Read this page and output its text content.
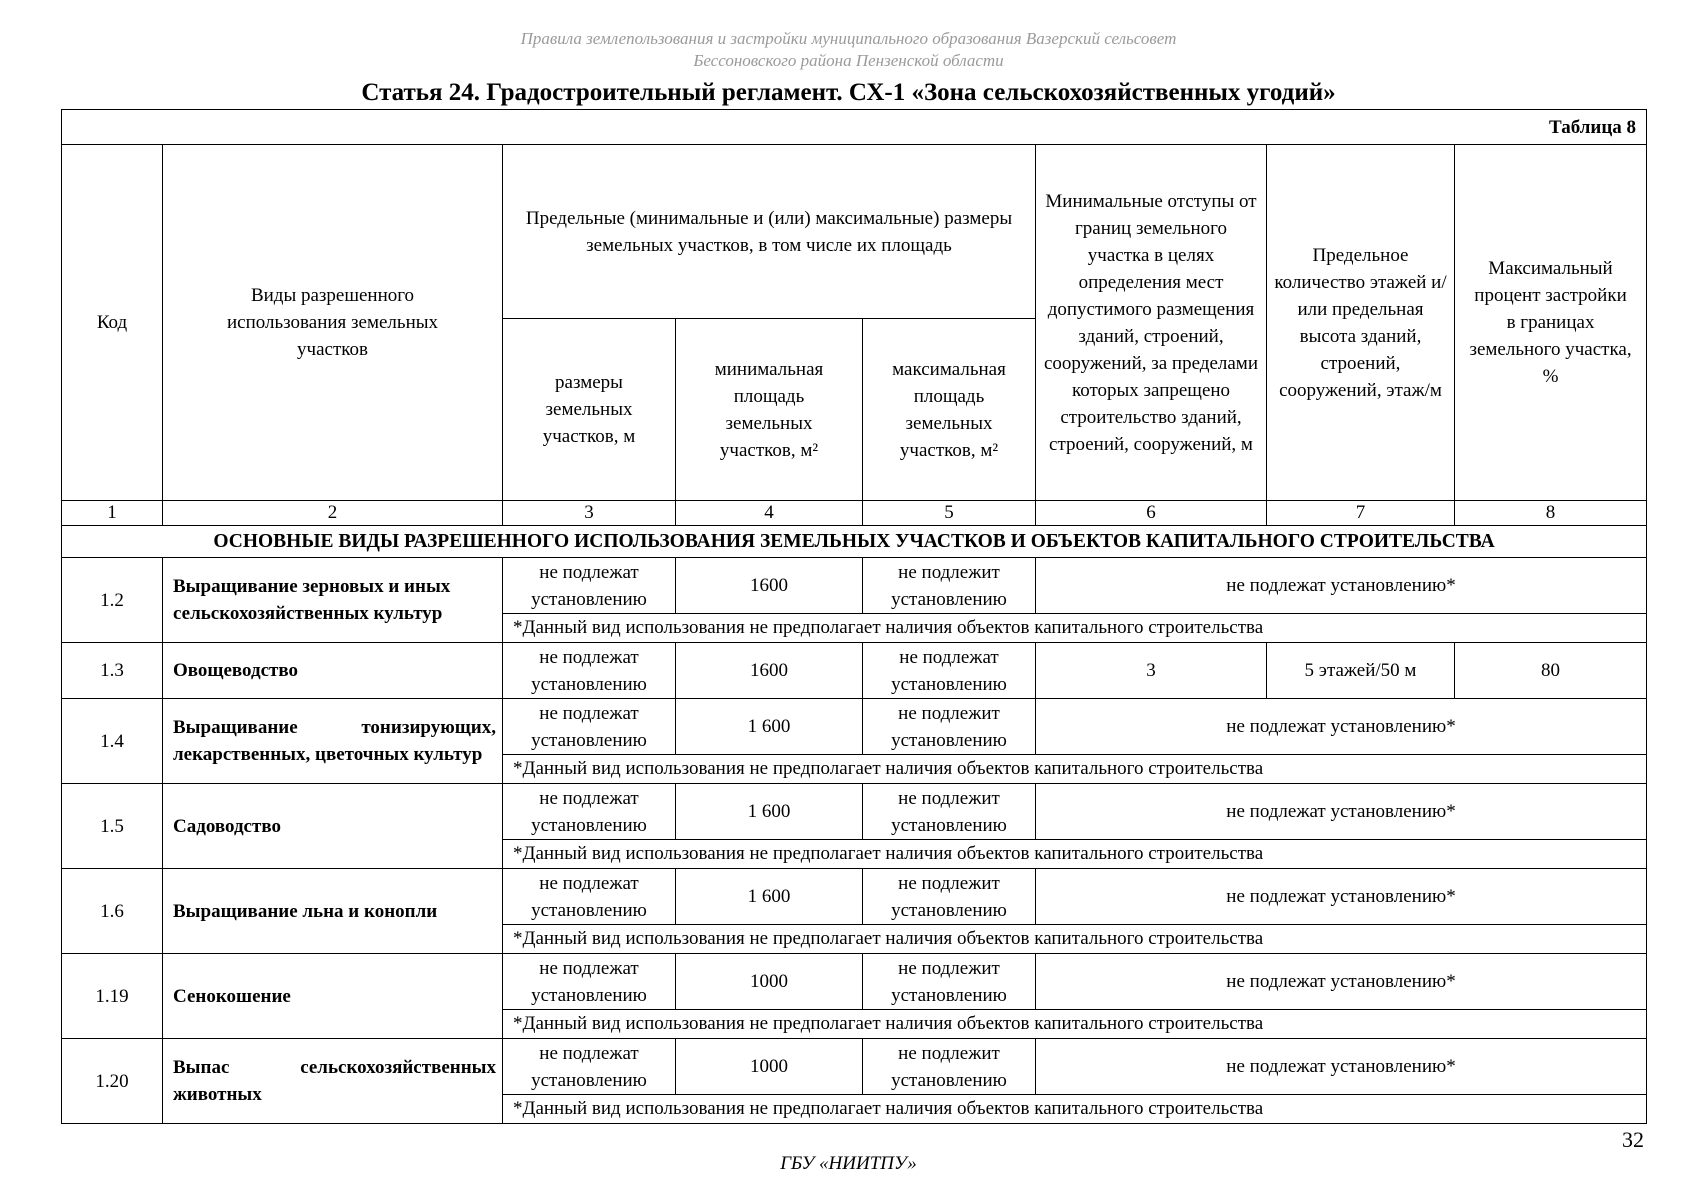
Правила землепользования и застройки муниципального образования Вазерский сельсовет
Бессоновского района Пензенской области
Статья 24. Градостроительный регламент. СХ-1 «Зона сельскохозяйственных угодий»
Таблица 8							
Код	Виды разрешенного использования земельных участков	Предельные (минимальные и (или) максимальные) размеры земельных участков, в том числе их площадь			Минимальные отступы от границ земельного участка в целях определения мест допустимого размещения зданий, строений, сооружений, за пределами которых запрещено строительство зданий, строений, сооружений, м	Предельное количество этажей и/или предельная высота зданий, строений, сооружений, этаж/м	Максимальный процент застройки в границах земельного участка, %
		размеры земельных участков, м	минимальная площадь земельных участков, м²	максимальная площадь земельных участков, м²			
1	2	3	4	5	6	7	8
ОСНОВНЫЕ ВИДЫ РАЗРЕШЕННОГО ИСПОЛЬЗОВАНИЯ ЗЕМЕЛЬНЫХ УЧАСТКОВ И ОБЪЕКТОВ КАПИТАЛЬНОГО СТРОИТЕЛЬСТВА							
1.2	Выращивание зерновых и иных сельскохозяйственных культур	не подлежат установлению	1600	не подлежит установлению	не подлежат установлению*		
		*Данный вид использования не предполагает наличия объектов капитального строительства					
1.3	Овощеводство	не подлежат установлению	1600	не подлежат установлению	3	5 этажей/50 м	80
1.4	Выращивание тонизирующих, лекарственных, цветочных культур	не подлежат установлению	1 600	не подлежит установлению	не подлежат установлению*		
		*Данный вид использования не предполагает наличия объектов капитального строительства					
1.5	Садоводство	не подлежат установлению	1 600	не подлежит установлению	не подлежат установлению*		
		*Данный вид использования не предполагает наличия объектов капитального строительства					
1.6	Выращивание льна и конопли	не подлежат установлению	1 600	не подлежит установлению	не подлежат установлению*		
		*Данный вид использования не предполагает наличия объектов капитального строительства					
1.19	Сенокошение	не подлежат установлению	1000	не подлежит установлению	не подлежат установлению*		
		*Данный вид использования не предполагает наличия объектов капитального строительства					
1.20	Выпас сельскохозяйственных животных	не подлежат установлению	1000	не подлежит установлению	не подлежат установлению*		
		*Данный вид использования не предполагает наличия объектов капитального строительства					
32
ГБУ «НИИТПУ»
